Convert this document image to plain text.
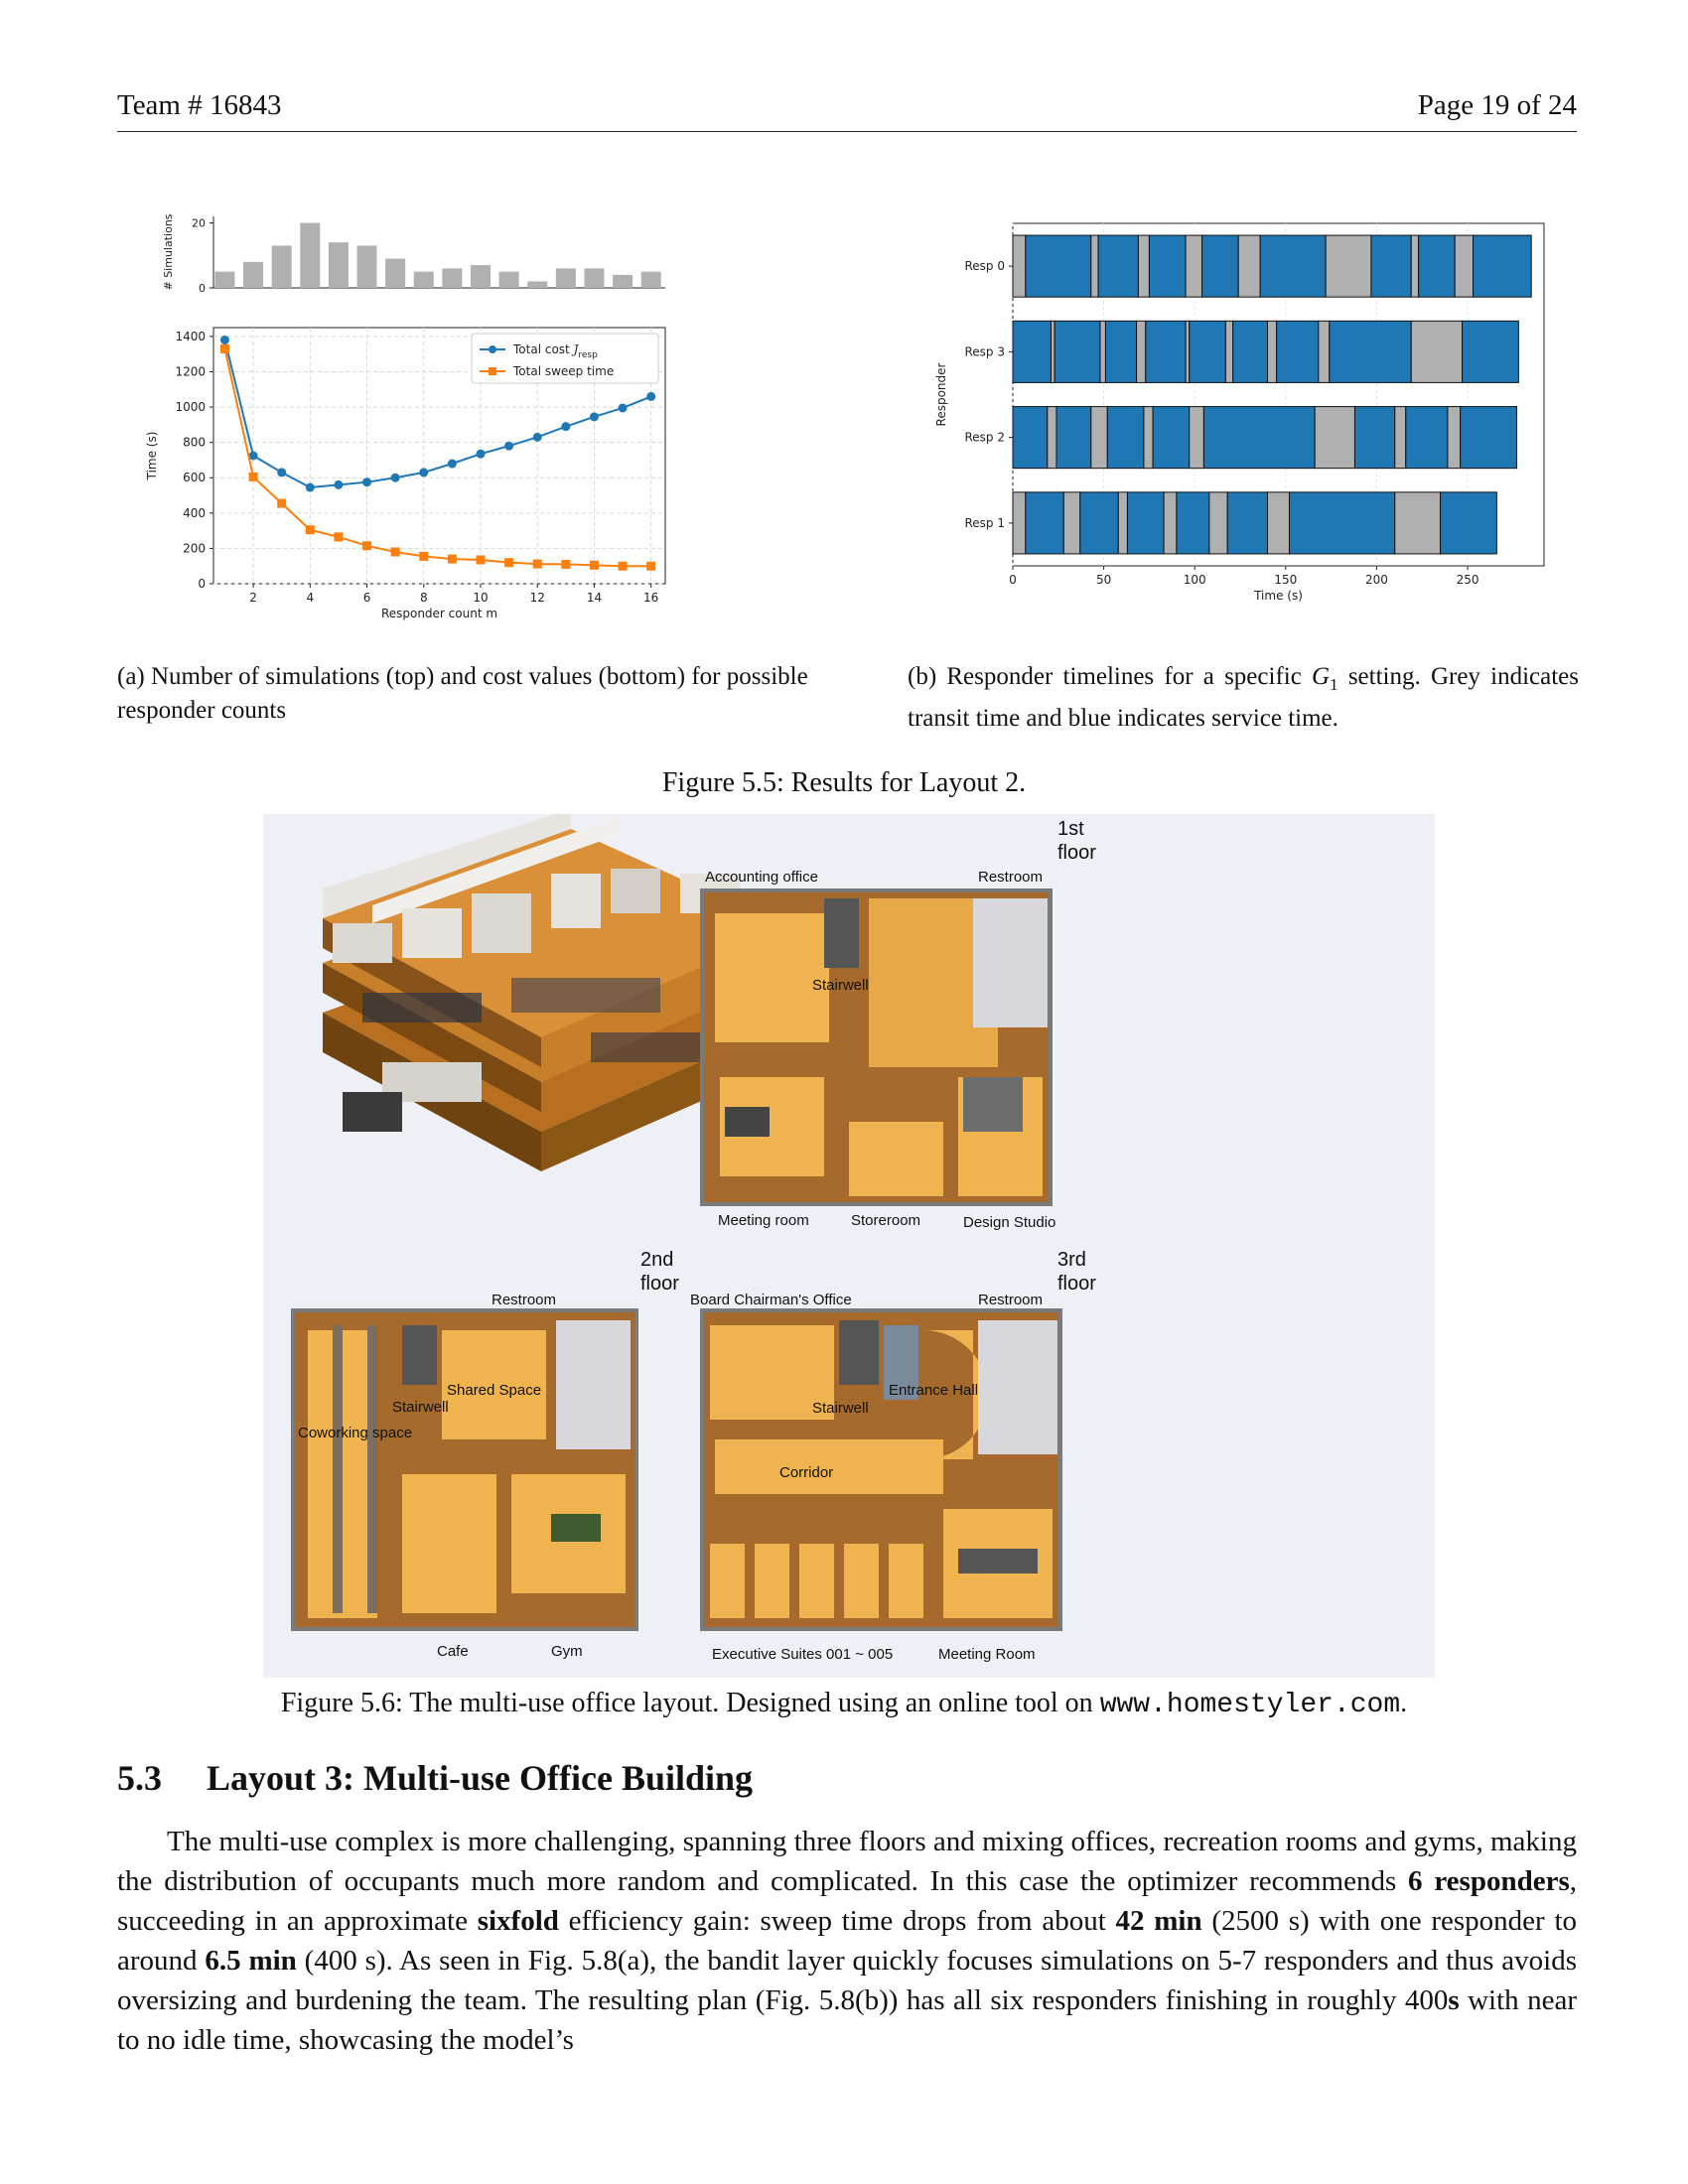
Team # 16843	Page 19 of 24
0
20
# Simulations
0
200
400
600
800
1000
1200
1400
2	4	6	8	10	12	14	16
Responder count m
Time (s)
Total cost $J_{resp}$
Total sweep time
0	50	100	150	200	250
Time (s)
Responder
Resp 0
Resp 3
Resp 2
Resp 1
(a) Number of simulations (top) and cost values (bottom) for possible responder counts
(b) Responder timelines for a specific $G_1$ setting. Grey indicates transit time and blue indicates service time.
Figure 5.5: Results for Layout 2.
1st
floor
Accounting office	Restroom
Stairwell
Meeting room	Storeroom	Design Studio
2nd
floor
Restroom
Stairwell
Shared Space
Coworking space
Cafe	Gym
3rd
floor
Board Chairman's Office	Restroom
Stairwell
Entrance Hall
Corridor
Executive Suites 001 ~ 005	Meeting Room
Figure 5.6: The multi-use office layout. Designed using an online tool on www.homestyler.com.
5.3 Layout 3: Multi-use Office Building

The multi-use complex is more challenging, spanning three floors and mixing offices, recreation rooms and gyms, making the distribution of occupants much more random and complicated. In this case the optimizer recommends 6 responders, succeeding in an approximate sixfold efficiency gain: sweep time drops from about 42 min (2500 s) with one responder to around 6.5 min (400 s). As seen in Fig. 5.8(a), the bandit layer quickly focuses simulations on 5-7 responders and thus avoids oversizing and burdening the team. The resulting plan (Fig. 5.8(b)) has all six responders finishing in roughly 400s with near to no idle time, showcasing the model’s
